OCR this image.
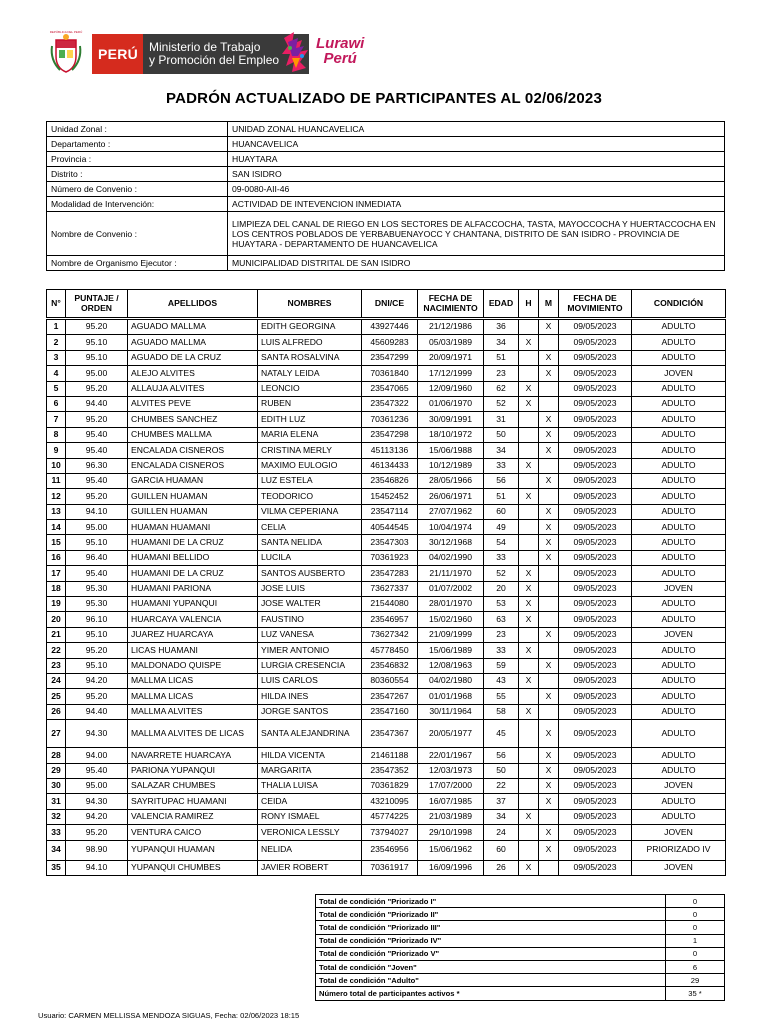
REPÚBLICA DEL PERÚ
PERÚ Ministerio de Trabajo
y Promoción del Empleo
Lurawi
Perú
PADRÓN ACTUALIZADO DE PARTICIPANTES AL 02/06/2023
Unidad Zonal :	UNIDAD ZONAL HUANCAVELICA
Departamento :	HUANCAVELICA
Provincia :	HUAYTARA
Distrito :	SAN ISIDRO
Número de Convenio :	09-0080-AII-46
Modalidad de Intervención:	ACTIVIDAD DE INTEVENCION INMEDIATA
Nombre de Convenio :	LIMPIEZA DEL CANAL DE RIEGO EN LOS SECTORES DE ALFACCOCHA, TASTA, MAYOCCOCHA Y HUERTACCOCHA EN LOS CENTROS POBLADOS DE YERBABUENAYOCC Y CHANTANA, DISTRITO DE SAN ISIDRO - PROVINCIA DE HUAYTARA - DEPARTAMENTO DE HUANCAVELICA
Nombre de Organismo Ejecutor :	MUNICIPALIDAD DISTRITAL DE SAN ISIDRO
N°	PUNTAJE / ORDEN	APELLIDOS	NOMBRES	DNI/CE	FECHA DE NACIMIENTO	EDAD	H	M	FECHA DE MOVIMIENTO	CONDICIÓN

1	95.20	AGUADO MALLMA	EDITH GEORGINA	43927446	21/12/1986	36		X	09/05/2023	ADULTO
2	95.10	AGUADO MALLMA	LUIS ALFREDO	45609283	05/03/1989	34	X		09/05/2023	ADULTO
3	95.10	AGUADO DE LA CRUZ	SANTA ROSALVINA	23547299	20/09/1971	51		X	09/05/2023	ADULTO
4	95.00	ALEJO ALVITES	NATALY LEIDA	70361840	17/12/1999	23		X	09/05/2023	JOVEN
5	95.20	ALLAUJA ALVITES	LEONCIO	23547065	12/09/1960	62	X		09/05/2023	ADULTO
6	94.40	ALVITES PEVE	RUBEN	23547322	01/06/1970	52	X		09/05/2023	ADULTO
7	95.20	CHUMBES SANCHEZ	EDITH LUZ	70361236	30/09/1991	31		X	09/05/2023	ADULTO
8	95.40	CHUMBES MALLMA	MARIA ELENA	23547298	18/10/1972	50		X	09/05/2023	ADULTO
9	95.40	ENCALADA CISNEROS	CRISTINA MERLY	45113136	15/06/1988	34		X	09/05/2023	ADULTO
10	96.30	ENCALADA CISNEROS	MAXIMO EULOGIO	46134433	10/12/1989	33	X		09/05/2023	ADULTO
11	95.40	GARCIA HUAMAN	LUZ ESTELA	23546826	28/05/1966	56		X	09/05/2023	ADULTO
12	95.20	GUILLEN HUAMAN	TEODORICO	15452452	26/06/1971	51	X		09/05/2023	ADULTO
13	94.10	GUILLEN HUAMAN	VILMA CEPERIANA	23547114	27/07/1962	60		X	09/05/2023	ADULTO
14	95.00	HUAMAN HUAMANI	CELIA	40544545	10/04/1974	49		X	09/05/2023	ADULTO
15	95.10	HUAMANI DE LA CRUZ	SANTA NELIDA	23547303	30/12/1968	54		X	09/05/2023	ADULTO
16	96.40	HUAMANI BELLIDO	LUCILA	70361923	04/02/1990	33		X	09/05/2023	ADULTO
17	95.40	HUAMANI DE LA CRUZ	SANTOS AUSBERTO	23547283	21/11/1970	52	X		09/05/2023	ADULTO
18	95.30	HUAMANI PARIONA	JOSE LUIS	73627337	01/07/2002	20	X		09/05/2023	JOVEN
19	95.30	HUAMANI YUPANQUI	JOSE WALTER	21544080	28/01/1970	53	X		09/05/2023	ADULTO
20	96.10	HUARCAYA VALENCIA	FAUSTINO	23546957	15/02/1960	63	X		09/05/2023	ADULTO
21	95.10	JUAREZ HUARCAYA	LUZ VANESA	73627342	21/09/1999	23		X	09/05/2023	JOVEN
22	95.20	LICAS HUAMANI	YIMER ANTONIO	45778450	15/06/1989	33	X		09/05/2023	ADULTO
23	95.10	MALDONADO QUISPE	LURGIA CRESENCIA	23546832	12/08/1963	59		X	09/05/2023	ADULTO
24	94.20	MALLMA LICAS	LUIS CARLOS	80360554	04/02/1980	43	X		09/05/2023	ADULTO
25	95.20	MALLMA LICAS	HILDA INES	23547267	01/01/1968	55		X	09/05/2023	ADULTO
26	94.40	MALLMA ALVITES	JORGE SANTOS	23547160	30/11/1964	58	X		09/05/2023	ADULTO
27	94.30	MALLMA ALVITES DE LICAS	SANTA ALEJANDRINA	23547367	20/05/1977	45		X	09/05/2023	ADULTO
28	94.00	NAVARRETE HUARCAYA	HILDA VICENTA	21461188	22/01/1967	56		X	09/05/2023	ADULTO
29	95.40	PARIONA YUPANQUI	MARGARITA	23547352	12/03/1973	50		X	09/05/2023	ADULTO
30	95.00	SALAZAR CHUMBES	THALIA LUISA	70361829	17/07/2000	22		X	09/05/2023	JOVEN
31	94.30	SAYRITUPAC HUAMANI	CEIDA	43210095	16/07/1985	37		X	09/05/2023	ADULTO
32	94.20	VALENCIA RAMIREZ	RONY ISMAEL	45774225	21/03/1989	34	X		09/05/2023	ADULTO
33	95.20	VENTURA CAICO	VERONICA LESSLY	73794027	29/10/1998	24		X	09/05/2023	JOVEN
34	98.90	YUPANQUI HUAMAN	NELIDA	23546956	15/06/1962	60		X	09/05/2023	PRIORIZADO IV
35	94.10	YUPANQUI CHUMBES	JAVIER ROBERT	70361917	16/09/1996	26	X		09/05/2023	JOVEN
Total de condición "Priorizado I"	0
Total de condición "Priorizado II"	0
Total de condición "Priorizado III"	0
Total de condición "Priorizado IV"	1
Total de condición "Priorizado V"	0
Total de condición "Joven"	6
Total de condición "Adulto"	29
Número total de participantes activos *	35 *
Usuario: CARMEN MELLISSA MENDOZA SIGUAS, Fecha: 02/06/2023 18:15
